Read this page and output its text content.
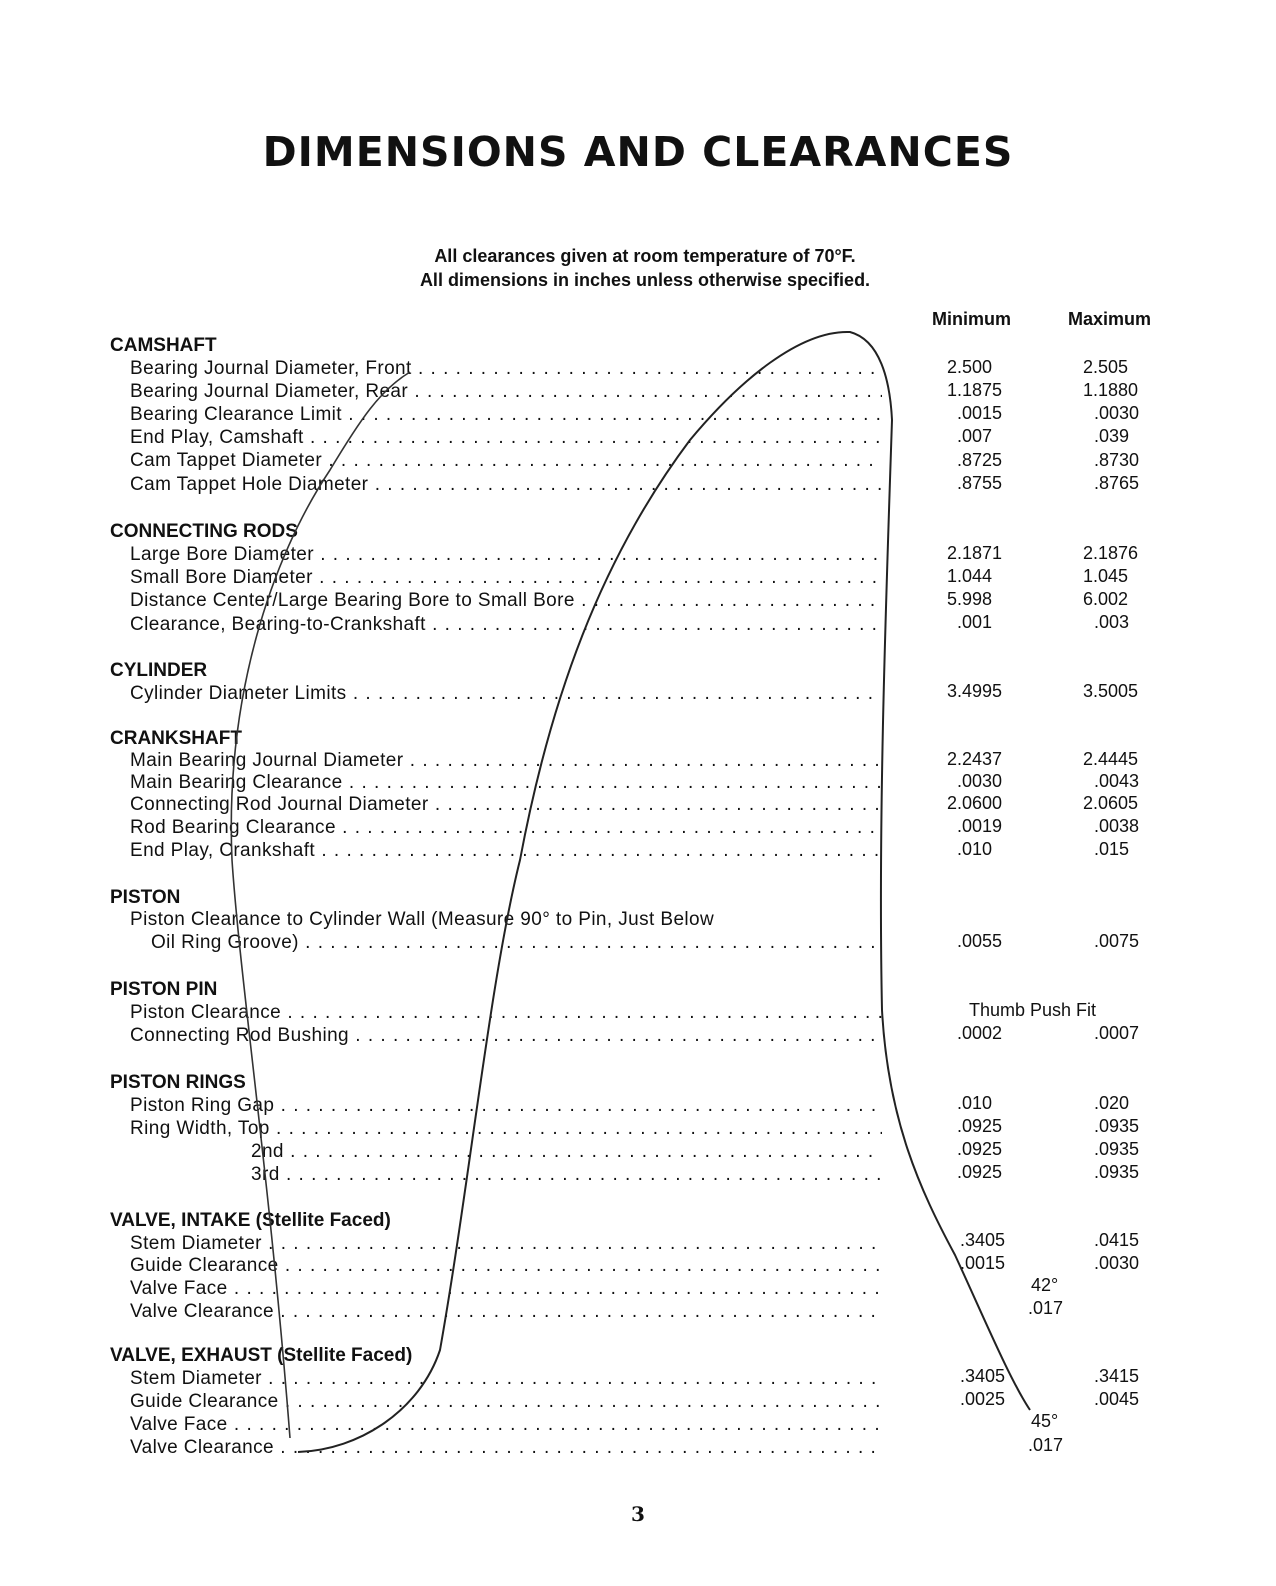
DIMENSIONS AND CLEARANCES
All clearances given at room temperature of 70°F.
All dimensions in inches unless otherwise specified.
Minimum	Maximum
CAMSHAFT
Bearing Journal Diameter, Front . . .	2.500	2.505
Bearing Journal Diameter, Rear . . .	1.1875	1.1880
Bearing Clearance Limit . . .	.0015	.0030
End Play, Camshaft . . .	.007	.039
Cam Tappet Diameter . . .	.8725	.8730
Cam Tappet Hole Diameter . . .	.8755	.8765
CONNECTING RODS
Large Bore Diameter . . .	2.1871	2.1876
Small Bore Diameter . . .	1.044	1.045
Distance Center/Large Bearing Bore to Small Bore . . .	5.998	6.002
Clearance, Bearing-to-Crankshaft . . .	.001	.003
CYLINDER
Cylinder Diameter Limits . . .	3.4995	3.5005
CRANKSHAFT
Main Bearing Journal Diameter . . .	2.2437	2.4445
Main Bearing Clearance . . .	.0030	.0043
Connecting Rod Journal Diameter . . .	2.0600	2.0605
Rod Bearing Clearance . . .	.0019	.0038
End Play, Crankshaft . . .	.010	.015
PISTON
Piston Clearance to Cylinder Wall (Measure 90° to Pin, Just Below
Oil Ring Groove) . . .	.0055	.0075
PISTON PIN
Piston Clearance . . .	Thumb Push Fit
Connecting Rod Bushing . . .	.0002	.0007
PISTON RINGS
Piston Ring Gap . . .	.010	.020
Ring Width, Top . . .	.0925	.0935
2nd . . .	.0925	.0935
3rd . . .	.0925	.0935
VALVE, INTAKE (Stellite Faced)
Stem Diameter . . .	.3405	.0415
Guide Clearance . . .	.0015	.0030
Valve Face . . .	42°
Valve Clearance . . .	.017
VALVE, EXHAUST (Stellite Faced)
Stem Diameter . . .	.3405	.3415
Guide Clearance . . .	.0025	.0045
Valve Face . . .	45°
Valve Clearance . . .	.017
3
